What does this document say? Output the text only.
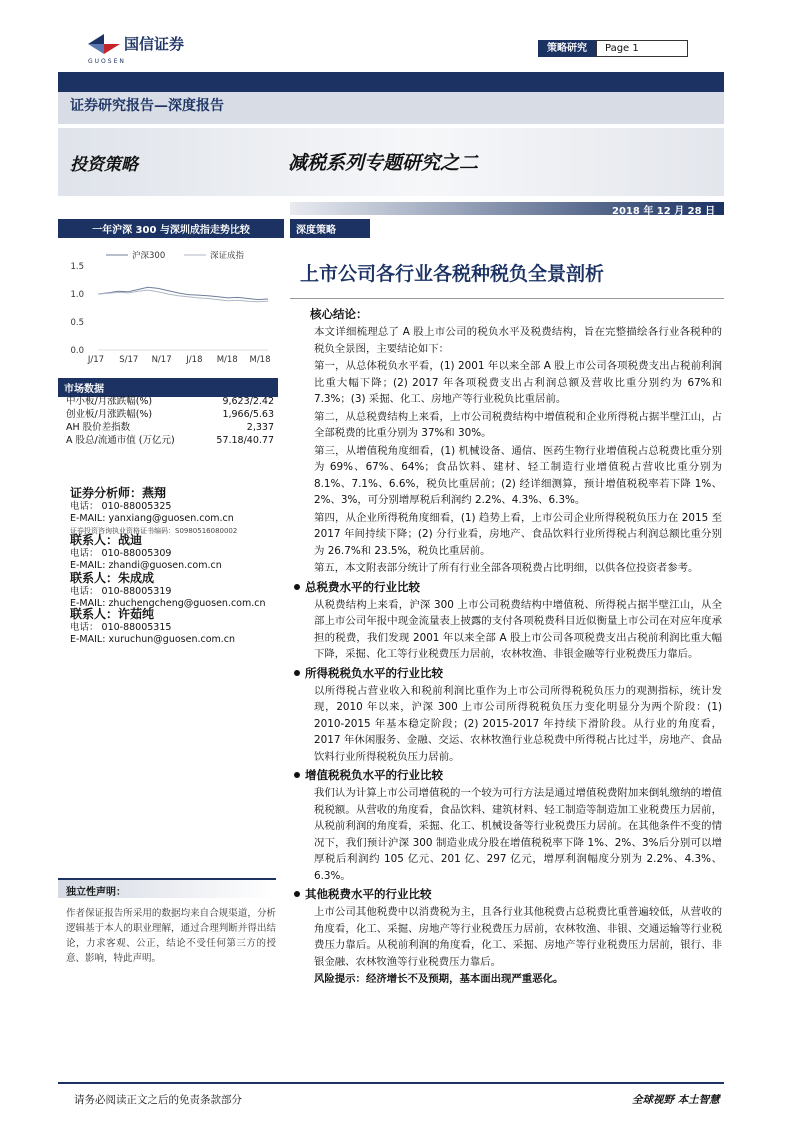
国信证券
GUOSEN
策略研究	Page 1
证券研究报告—深度报告
投资策略	减税系列专题研究之二
2018 年 12 月 28 日
一年沪深 300 与深圳成指走势比较
1.5
1.0
0.5
0.0
J/17 S/17 N/17 J/18 M/18 M/18
沪深300	深证成指
市场数据
中小板/月涨跌幅(%)	9,623/2.42
创业板/月涨跌幅(%)	1,966/5.63
AH 股价差指数	2,337
A 股总/流通市值 (万亿元)	57.18/40.77
证券分析师：燕翔
电话： 010-88005325
E-MAIL: yanxiang@guosen.com.cn
证券投资咨询执业资格证书编码：S0980516080002
联系人：战迪
电话： 010-88005309
E-MAIL: zhandi@guosen.com.cn
联系人：朱成成
电话： 010-88005319
E-MAIL: zhuchengcheng@guosen.com.cn
联系人：许茹纯
电话： 010-88005315
E-MAIL: xuruchun@guosen.com.cn
独立性声明：
作者保证报告所采用的数据均来自合规渠道，分析逻辑基于本人的职业理解，通过合理判断并得出结论，力求客观、公正，结论不受任何第三方的授意、影响，特此声明。
深度策略
上市公司各行业各税种税负全景剖析
核心结论：

本文详细梳理总了 A 股上市公司的税负水平及税费结构，旨在完整描绘各行业各税种的税负全景图，主要结论如下：

第一，从总体税负水平看，(1) 2001 年以来全部 A 股上市公司各项税费支出占税前利润比重大幅下降；(2) 2017 年各项税费支出占利润总额及营收比重分别约为 67%和 7.3%；(3) 采掘、化工、房地产等行业税负比重居前。

第二，从总税费结构上来看，上市公司税费结构中增值税和企业所得税占据半壁江山，占全部税费的比重分别为 37%和 30%。

第三，从增值税角度细看，(1) 机械设备、通信、医药生物行业增值税占总税费比重分别为 69%、67%、64%；食品饮料、建材、轻工制造行业增值税占营收比重分别为 8.1%、7.1%、6.6%，税负比重居前；(2) 经详细测算，预计增值税税率若下降 1%、2%、3%，可分别增厚税后利润约 2.2%、4.3%、6.3%。

第四，从企业所得税角度细看，(1) 趋势上看，上市公司企业所得税税负压力在 2015 至 2017 年间持续下降；(2) 分行业看，房地产、食品饮料行业所得税占利润总额比重分别为 26.7%和 23.5%，税负比重居前。

第五，本文附表部分统计了所有行业全部各项税费占比明细，以供各位投资者参考。

总税费水平的行业比较

从税费结构上来看，沪深 300 上市公司税费结构中增值税、所得税占据半壁江山，从全部上市公司年报中现金流量表上披露的支付各项税费科目近似衡量上市公司在对应年度承担的税费，我们发现 2001 年以来全部 A 股上市公司各项税费支出占税前利润比重大幅下降，采掘、化工等行业税费压力居前，农林牧渔、非银金融等行业税费压力靠后。

所得税税负水平的行业比较

以所得税占营业收入和税前利润比重作为上市公司所得税税负压力的观测指标，统计发现，2010 年以来，沪深 300 上市公司所得税税负压力变化明显分为两个阶段：(1) 2010-2015 年基本稳定阶段；(2) 2015-2017 年持续下滑阶段。从行业的角度看，2017 年休闲服务、金融、交运、农林牧渔行业总税费中所得税占比过半，房地产、食品饮料行业所得税税负压力居前。

增值税税负水平的行业比较

我们认为计算上市公司增值税的一个较为可行方法是通过增值税费附加来倒轧缴纳的增值税税额。从营收的角度看，食品饮料、建筑材料、轻工制造等制造加工业税费压力居前，从税前利润的角度看，采掘、化工、机械设备等行业税费压力居前。在其他条件不变的情况下，我们预计沪深 300 制造业成分股在增值税税率下降 1%、2%、3%后分别可以增厚税后利润约 105 亿元、201 亿、297 亿元，增厚利润幅度分别为 2.2%、4.3%、6.3%。

其他税费水平的行业比较

上市公司其他税费中以消费税为主，且各行业其他税费占总税费比重普遍较低，从营收的角度看，化工、采掘、房地产等行业税费压力居前，农林牧渔、非银、交通运输等行业税费压力靠后。从税前利润的角度看，化工、采掘、房地产等行业税费压力居前，银行、非银金融、农林牧渔等行业税费压力靠后。

风险提示：经济增长不及预期，基本面出现严重恶化。

请务必阅读正文之后的免责条款部分	全球视野 本土智慧
